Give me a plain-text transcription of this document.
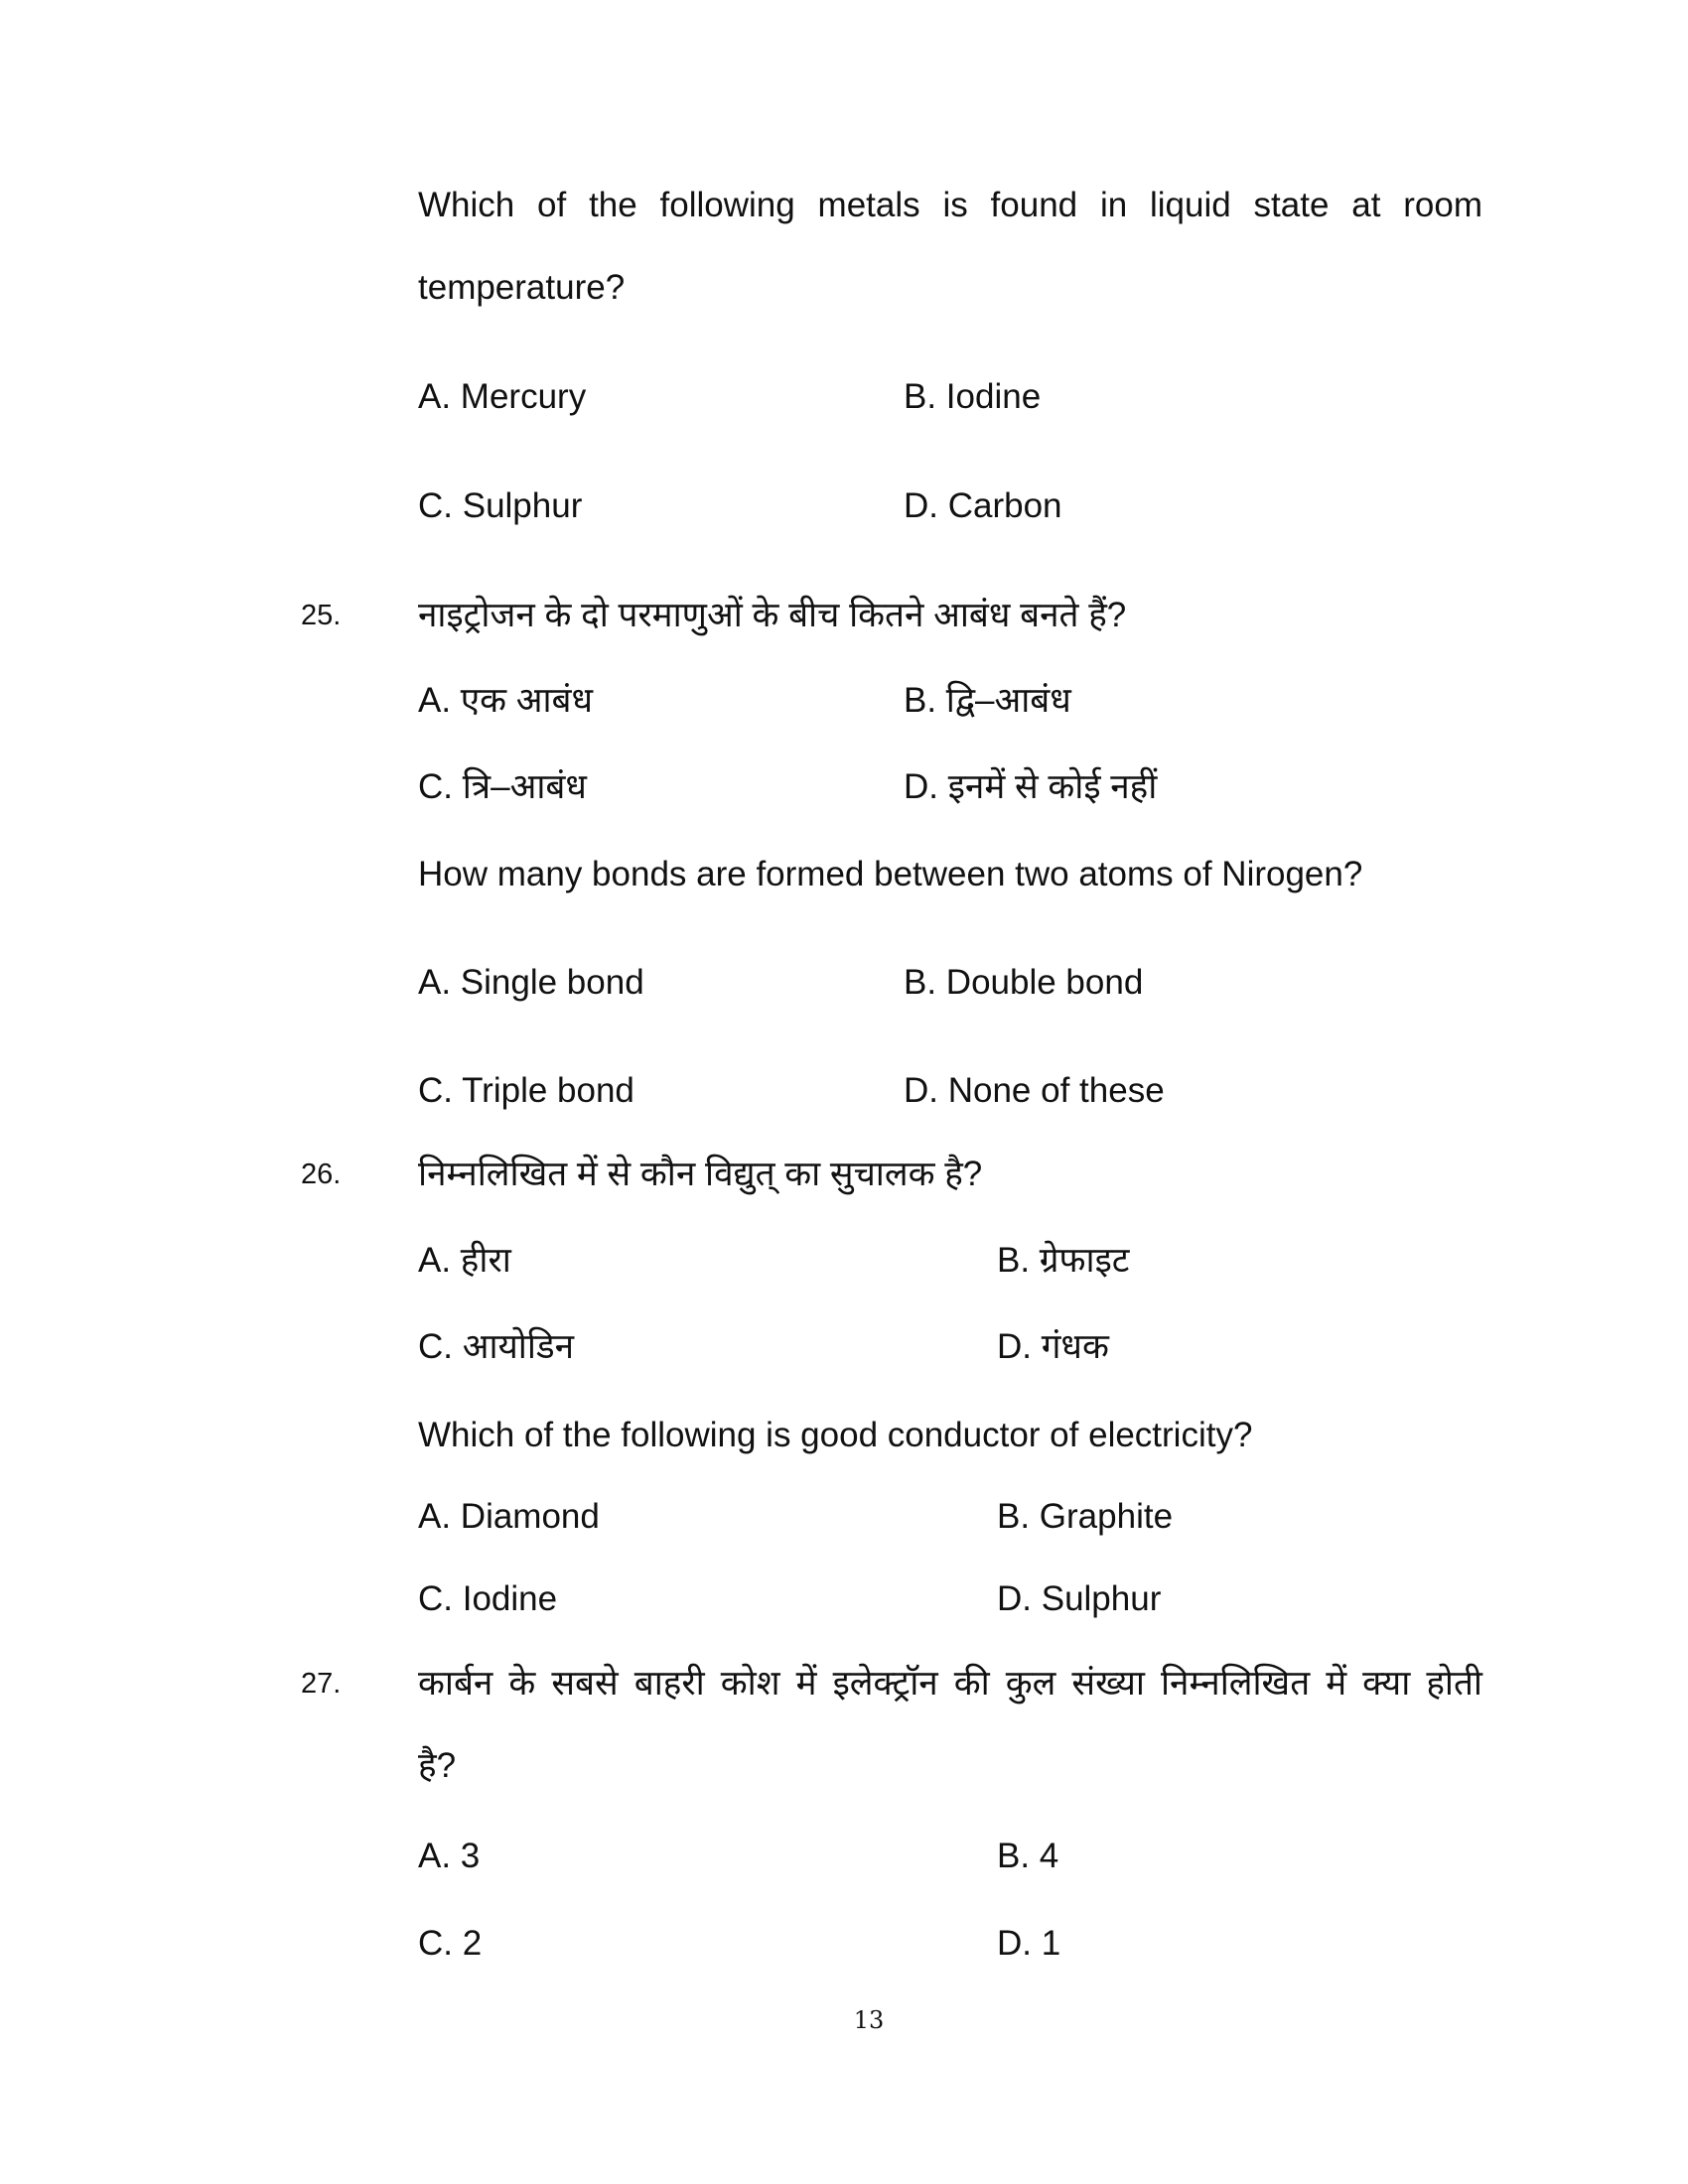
Which of the following metals is found in liquid state at room
temperature?
A. Mercury	B. Iodine
C. Sulphur	D. Carbon
25. नाइट्रोजन के दो परमाणुओं के बीच कितने आबंध बनते हैं?
A. एक आबंध	B. द्वि–आबंध
C. त्रि–आबंध	D. इनमें से कोई नहीं
How many bonds are formed between two atoms of Nirogen?
A. Single bond	B. Double bond
C. Triple bond	D. None of these
26. निम्नलिखित में से कौन विद्युत् का सुचालक है?
A. हीरा	B. ग्रेफाइट
C. आयोडिन	D. गंधक
Which of the following is good conductor of electricity?
A. Diamond	B. Graphite
C. Iodine	D. Sulphur
27. कार्बन के सबसे बाहरी कोश में इलेक्ट्रॉन की कुल संख्या निम्नलिखित में क्या होती
है?
A. 3	B. 4
C. 2	D. 1
13
